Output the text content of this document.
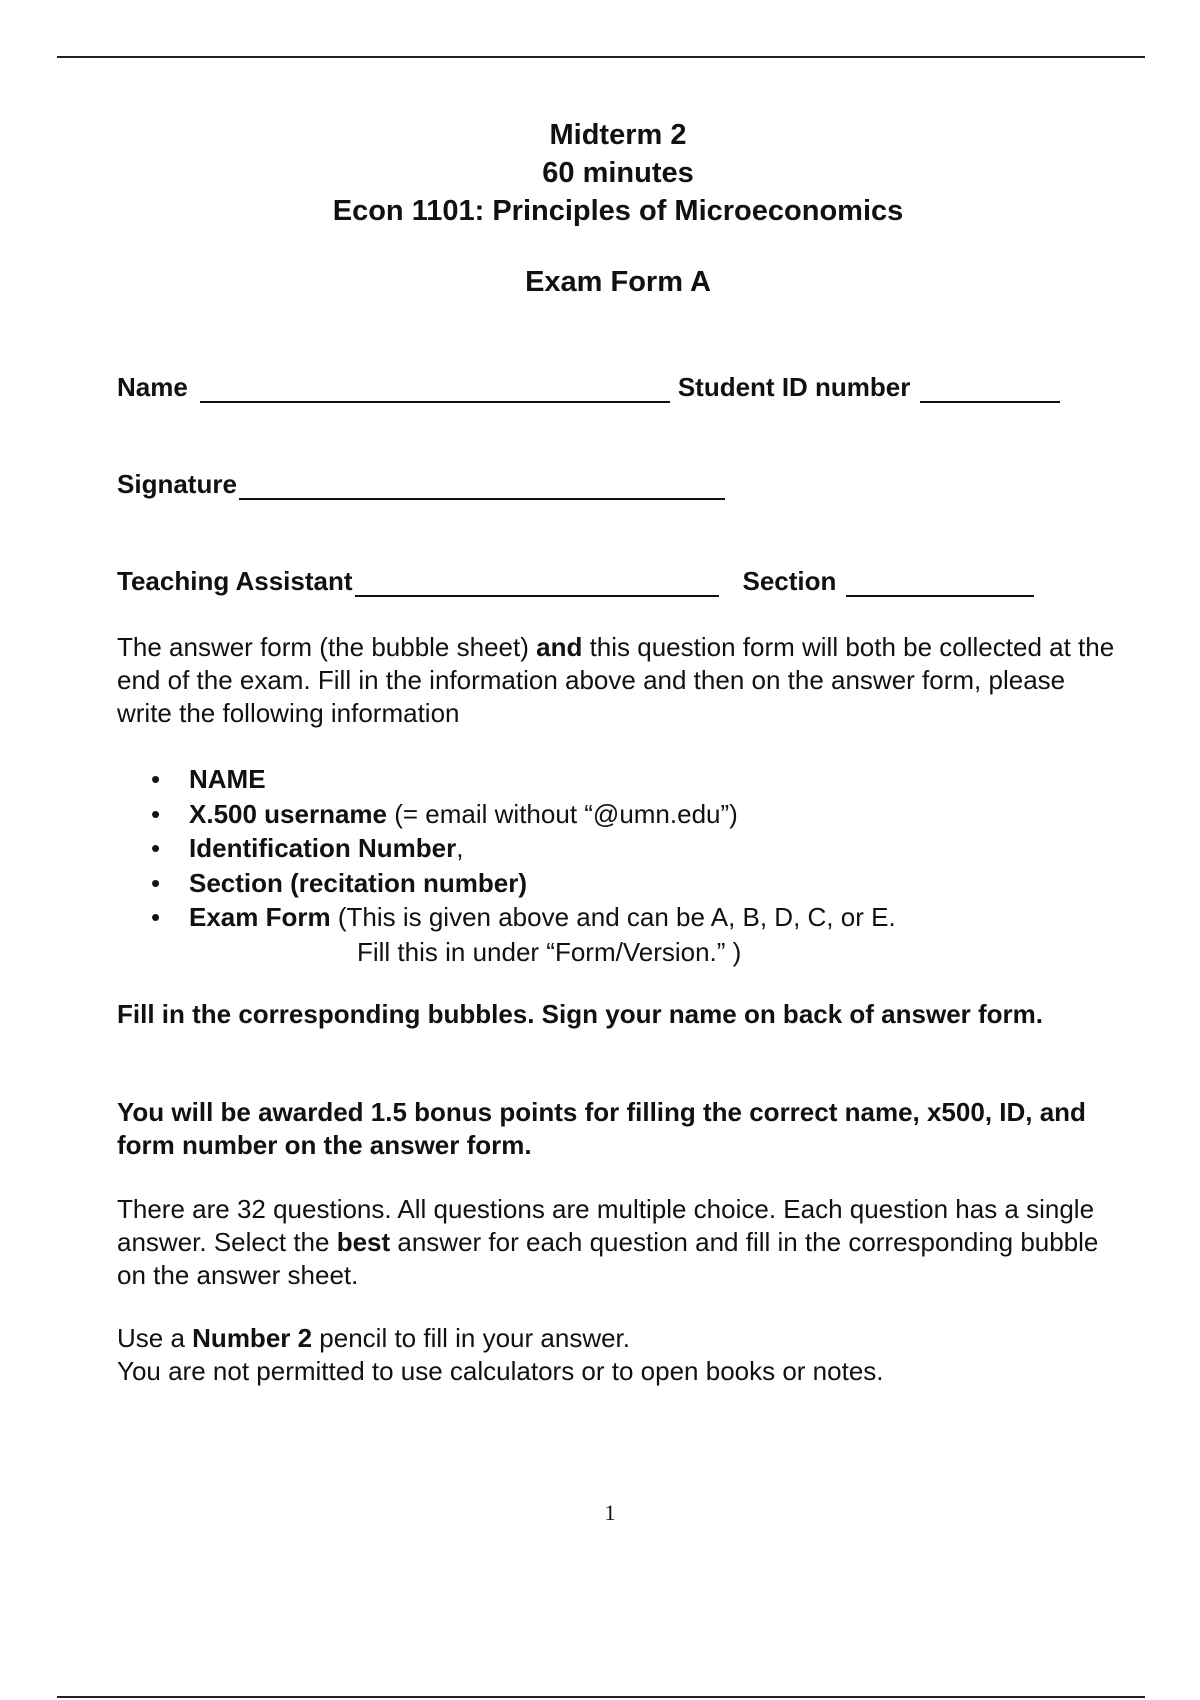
Midterm 2
60 minutes
Econ 1101: Principles of Microeconomics
Exam Form A
Name	Student ID number
Signature
Teaching Assistant	Section
The answer form (the bubble sheet) and this question form will both be collected at the end of the exam. Fill in the information above and then on the answer form, please write the following information
• NAME
• X.500 username (= email without “@umn.edu”)
• Identification Number,
• Section (recitation number)
• Exam Form (This is given above and can be A, B, D, C, or E.
Fill this in under “Form/Version.” )
Fill in the corresponding bubbles. Sign your name on back of answer form.
You will be awarded 1.5 bonus points for filling the correct name, x500, ID, and form number on the answer form.
There are 32 questions. All questions are multiple choice. Each question has a single answer. Select the best answer for each question and fill in the corresponding bubble on the answer sheet.
Use a Number 2 pencil to fill in your answer.
You are not permitted to use calculators or to open books or notes.
1
